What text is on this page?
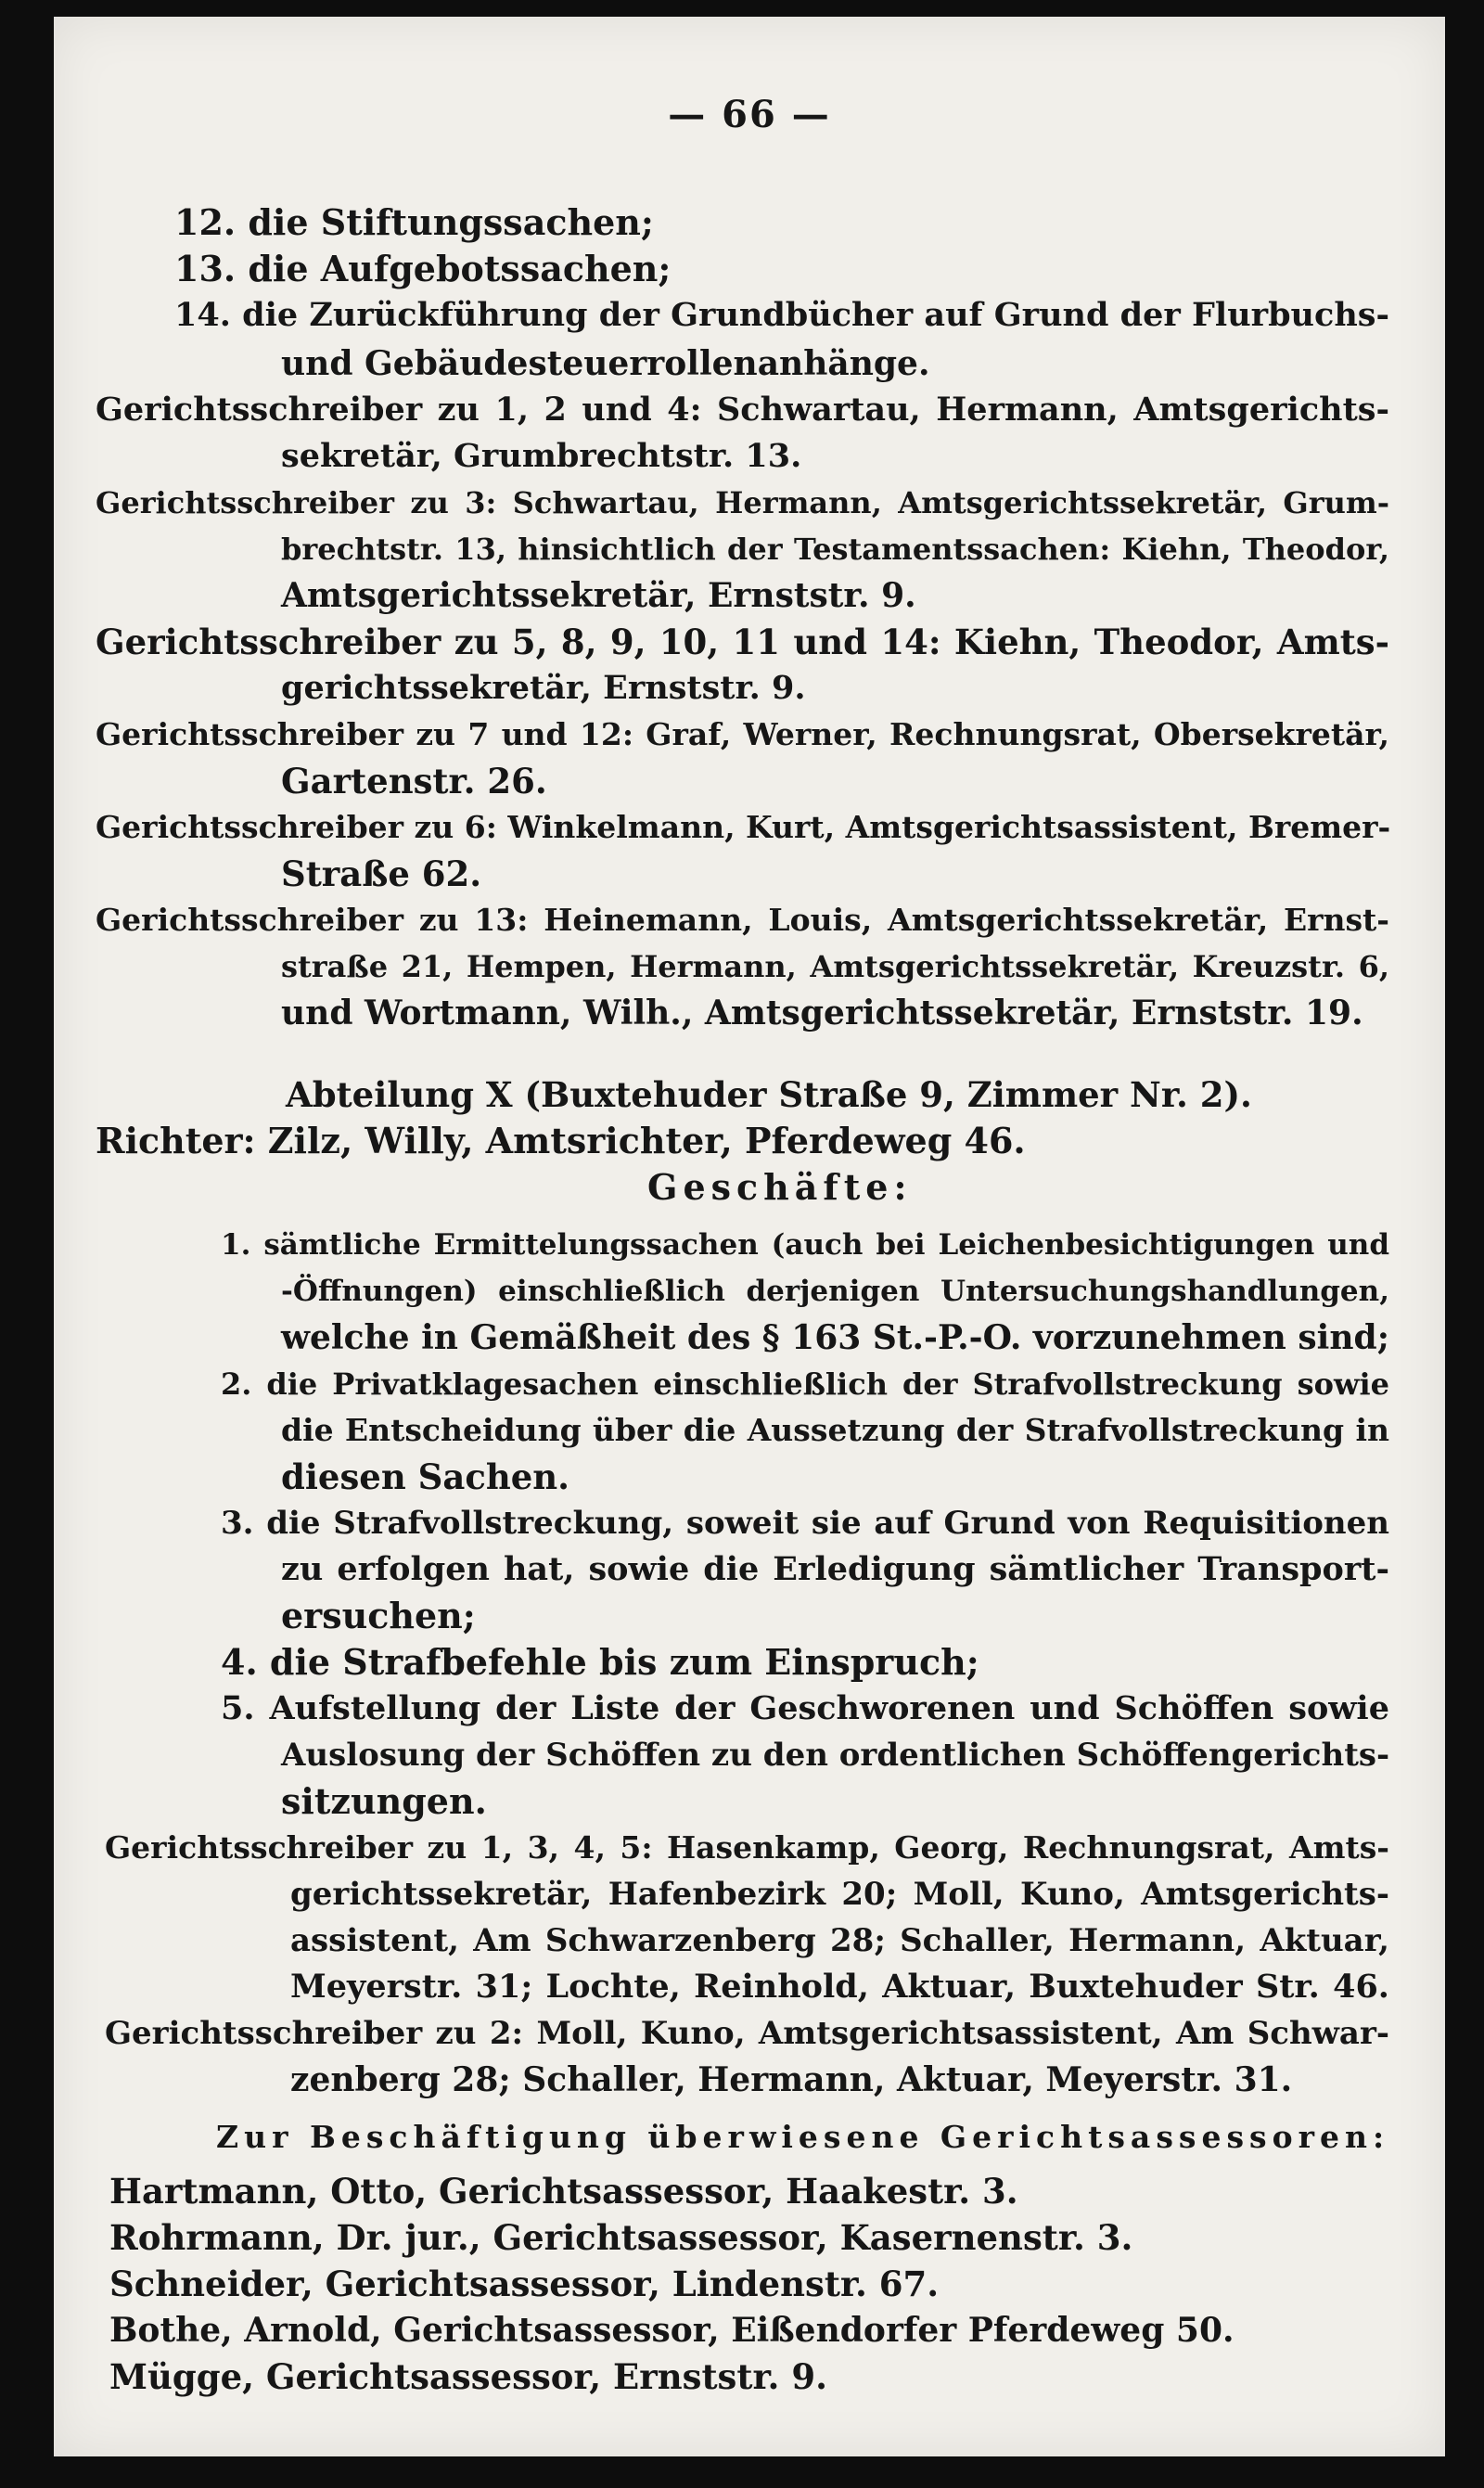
— 66 —
12. die Stiftungssachen;
13. die Aufgebotssachen;
14. die Zurückführung der Grundbücher auf Grund der Flurbuchs-
und Gebäudesteuerrollenanhänge.
Gerichtsschreiber zu 1, 2 und 4: Schwartau, Hermann, Amtsgerichts-
sekretär, Grumbrechtstr. 13.
Gerichtsschreiber zu 3: Schwartau, Hermann, Amtsgerichtssekretär, Grum-
brechtstr. 13, hinsichtlich der Testamentssachen: Kiehn, Theodor,
Amtsgerichtssekretär, Ernststr. 9.
Gerichtsschreiber zu 5, 8, 9, 10, 11 und 14: Kiehn, Theodor, Amts-
gerichtssekretär, Ernststr. 9.
Gerichtsschreiber zu 7 und 12: Graf, Werner, Rechnungsrat, Obersekretär,
Gartenstr. 26.
Gerichtsschreiber zu 6: Winkelmann, Kurt, Amtsgerichtsassistent, Bremer-
Straße 62.
Gerichtsschreiber zu 13: Heinemann, Louis, Amtsgerichtssekretär, Ernst-
straße 21, Hempen, Hermann, Amtsgerichtssekretär, Kreuzstr. 6,
und Wortmann, Wilh., Amtsgerichtssekretär, Ernststr. 19.
Abteilung X (Buxtehuder Straße 9, Zimmer Nr. 2).
Richter: Zilz, Willy, Amtsrichter, Pferdeweg 46.
Geschäfte:
1. sämtliche Ermittelungssachen (auch bei Leichenbesichtigungen und
-Öffnungen) einschließlich derjenigen Untersuchungshandlungen,
welche in Gemäßheit des § 163 St.-P.-O. vorzunehmen sind;
2. die Privatklagesachen einschließlich der Strafvollstreckung sowie
die Entscheidung über die Aussetzung der Strafvollstreckung in
diesen Sachen.
3. die Strafvollstreckung, soweit sie auf Grund von Requisitionen
zu erfolgen hat, sowie die Erledigung sämtlicher Transport-
ersuchen;
4. die Strafbefehle bis zum Einspruch;
5. Aufstellung der Liste der Geschworenen und Schöffen sowie
Auslosung der Schöffen zu den ordentlichen Schöffengerichts-
sitzungen.
Gerichtsschreiber zu 1, 3, 4, 5: Hasenkamp, Georg, Rechnungsrat, Amts-
gerichtssekretär, Hafenbezirk 20; Moll, Kuno, Amtsgerichts-
assistent, Am Schwarzenberg 28; Schaller, Hermann, Aktuar,
Meyerstr. 31; Lochte, Reinhold, Aktuar, Buxtehuder Str. 46.
Gerichtsschreiber zu 2: Moll, Kuno, Amtsgerichtsassistent, Am Schwar-
zenberg 28; Schaller, Hermann, Aktuar, Meyerstr. 31.
Zur Beschäftigung überwiesene Gerichtsassessoren:
Hartmann, Otto, Gerichtsassessor, Haakestr. 3.
Rohrmann, Dr. jur., Gerichtsassessor, Kasernenstr. 3.
Schneider, Gerichtsassessor, Lindenstr. 67.
Bothe, Arnold, Gerichtsassessor, Eißendorfer Pferdeweg 50.
Mügge, Gerichtsassessor, Ernststr. 9.
